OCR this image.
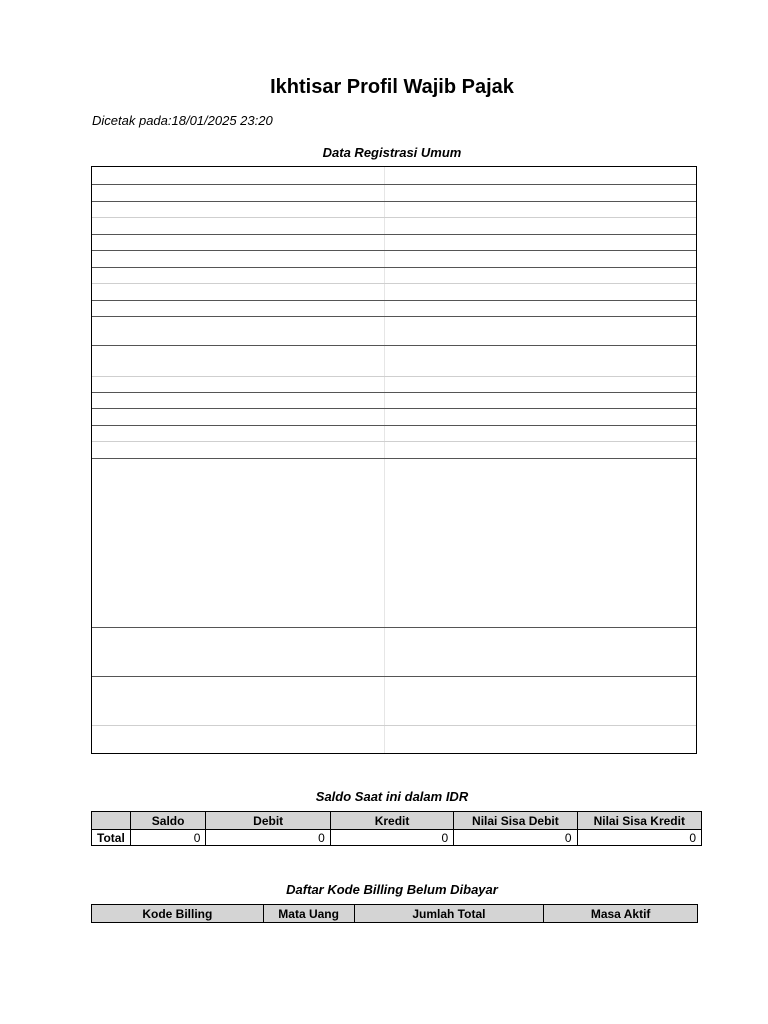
Ikhtisar Profil Wajib Pajak
Dicetak pada:18/01/2025 23:20
Data Registrasi Umum
Saldo Saat ini dalam IDR
	Saldo	Debit	Kredit	Nilai Sisa Debit	Nilai Sisa Kredit
Total	0	0	0	0	0
Daftar Kode Billing Belum Dibayar
Kode Billing	Mata Uang	Jumlah Total	Masa Aktif
